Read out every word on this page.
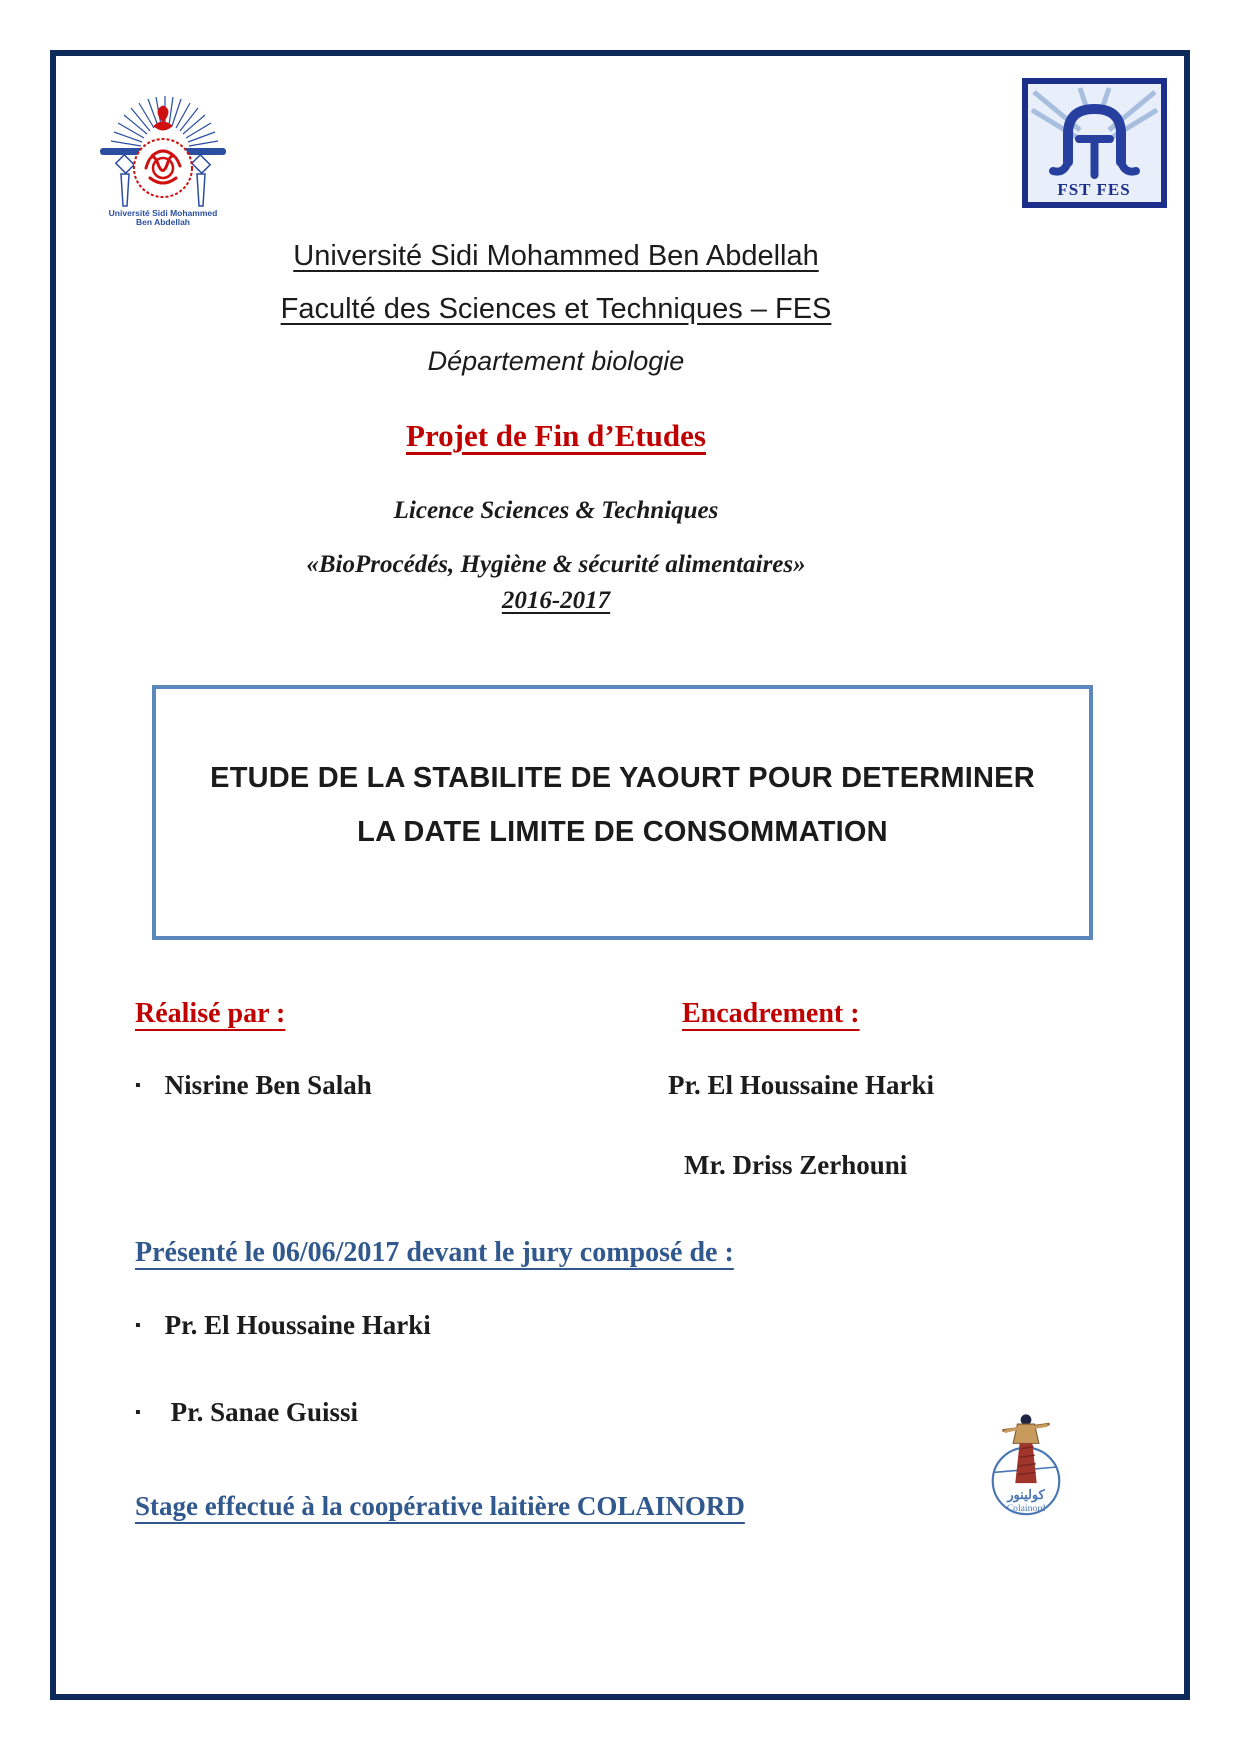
Université Sidi Mohammed
Ben Abdellah
FST FES
Université Sidi Mohammed Ben Abdellah
Faculté des Sciences et Techniques – FES
Département biologie
Projet de Fin d’Etudes
Licence Sciences & Techniques
«BioProcédés, Hygiène & sécurité alimentaires»
2016-2017
ETUDE DE LA STABILITE DE YAOURT POUR DETERMINER
LA DATE LIMITE DE CONSOMMATION
Réalisé par :	Encadrement :
▪ Nisrine Ben Salah	Pr. El Houssaine Harki
Mr. Driss Zerhouni
Présenté le 06/06/2017 devant le jury composé de :
▪ Pr. El Houssaine Harki
▪ Pr. Sanae Guissi
كولينور
Colainord
Stage effectué à la coopérative laitière COLAINORD
